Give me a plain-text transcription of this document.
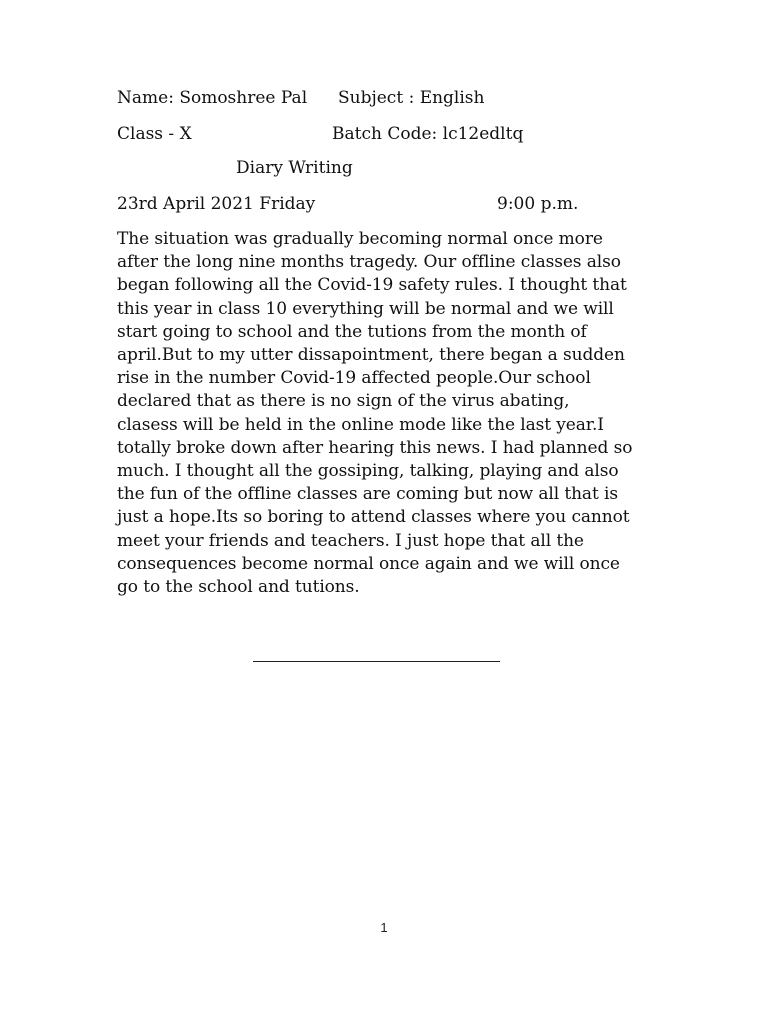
Name: Somoshree Pal Subject : English
Class - X	Batch Code: lc12edltq
Diary Writing
23rd April 2021 Friday	9:00 p.m.
The situation was gradually becoming normal once more
after the long nine months tragedy. Our offline classes also
began following all the Covid-19 safety rules. I thought that
this year in class 10 everything will be normal and we will
start going to school and the tutions from the month of
april.But to my utter dissapointment, there began a sudden
rise in the number Covid-19 affected people.Our school
declared that as there is no sign of the virus abating,
clasess will be held in the online mode like the last year.I
totally broke down after hearing this news. I had planned so
much. I thought all the gossiping, talking, playing and also
the fun of the offline classes are coming but now all that is
just a hope.Its so boring to attend classes where you cannot
meet your friends and teachers. I just hope that all the
consequences become normal once again and we will once
go to the school and tutions.
1
